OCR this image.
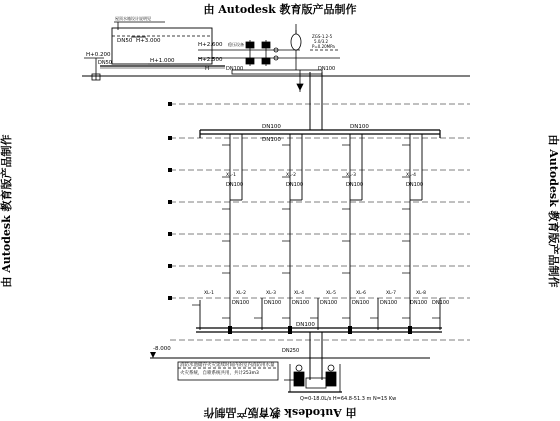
由 Autodesk 教育版产品制作
由 Autodesk 教育版产品制作
由 Autodesk 教育版产品制作	由 Autodesk 教育版产品制作
屋顶水箱设计说明见
DN50 H+3.000
H+0.200
DN50	H+1.000
H+2.600
H+2.500
稳压设备
DN100	DN100
H
ZGS-1.2-5
5.0/3.2
P=0.20MPa
DN100	DN100
DN100
XL-1
DN100
XL-2
DN100
XL-3
DN100
XL-4
DN100
XL-1
DN100
XL-2
DN100
XL-3
DN100
XL-4
DN100
XL-5
DN100
XL-6
DN100
XL-7
DN100
XL-8
DN100
DN100
DN250
-8.000
消防水池储存火灾延续时间内的室内消防用水量
火灾系统，自喷系统共用，共计253m3
Q=0-18.0L/s H=64.8-51.3 m N=15 Kw
